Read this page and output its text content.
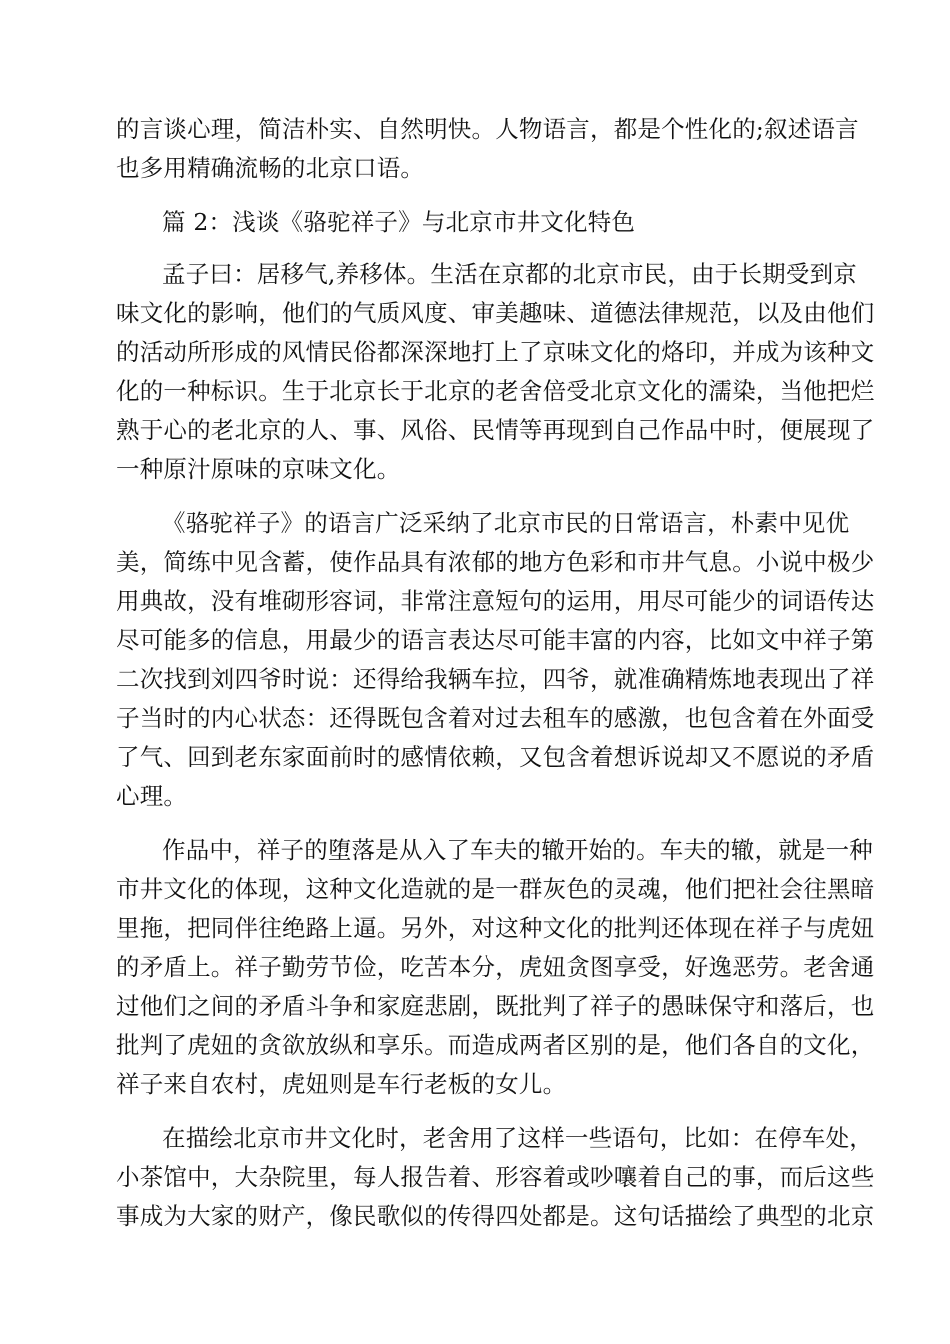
的言谈心理，简洁朴实、自然明快。人物语言，都是个性化的;叙述语言
也多用精确流畅的北京口语。
篇 2：浅谈《骆驼祥子》与北京市井文化特色
孟子曰：居移气,养移体。生活在京都的北京市民，由于长期受到京
味文化的影响，他们的气质风度、审美趣味、道德法律规范，以及由他们
的活动所形成的风情民俗都深深地打上了京味文化的烙印，并成为该种文
化的一种标识。生于北京长于北京的老舍倍受北京文化的濡染，当他把烂
熟于心的老北京的人、事、风俗、民情等再现到自己作品中时，便展现了
一种原汁原味的京味文化。
《骆驼祥子》的语言广泛采纳了北京市民的日常语言，朴素中见优
美，简练中见含蓄，使作品具有浓郁的地方色彩和市井气息。小说中极少
用典故，没有堆砌形容词，非常注意短句的运用，用尽可能少的词语传达
尽可能多的信息，用最少的语言表达尽可能丰富的内容，比如文中祥子第
二次找到刘四爷时说：还得给我辆车拉，四爷，就准确精炼地表现出了祥
子当时的内心状态：还得既包含着对过去租车的感激，也包含着在外面受
了气、回到老东家面前时的感情依赖，又包含着想诉说却又不愿说的矛盾
心理。
作品中，祥子的堕落是从入了车夫的辙开始的。车夫的辙，就是一种
市井文化的体现，这种文化造就的是一群灰色的灵魂，他们把社会往黑暗
里拖，把同伴往绝路上逼。另外，对这种文化的批判还体现在祥子与虎妞
的矛盾上。祥子勤劳节俭，吃苦本分，虎妞贪图享受，好逸恶劳。老舍通
过他们之间的矛盾斗争和家庭悲剧，既批判了祥子的愚昧保守和落后，也
批判了虎妞的贪欲放纵和享乐。而造成两者区别的是，他们各自的文化，
祥子来自农村，虎妞则是车行老板的女儿。
在描绘北京市井文化时，老舍用了这样一些语句，比如：在停车处，
小茶馆中，大杂院里，每人报告着、形容着或吵嚷着自己的事，而后这些
事成为大家的财产，像民歌似的传得四处都是。这句话描绘了典型的北京
